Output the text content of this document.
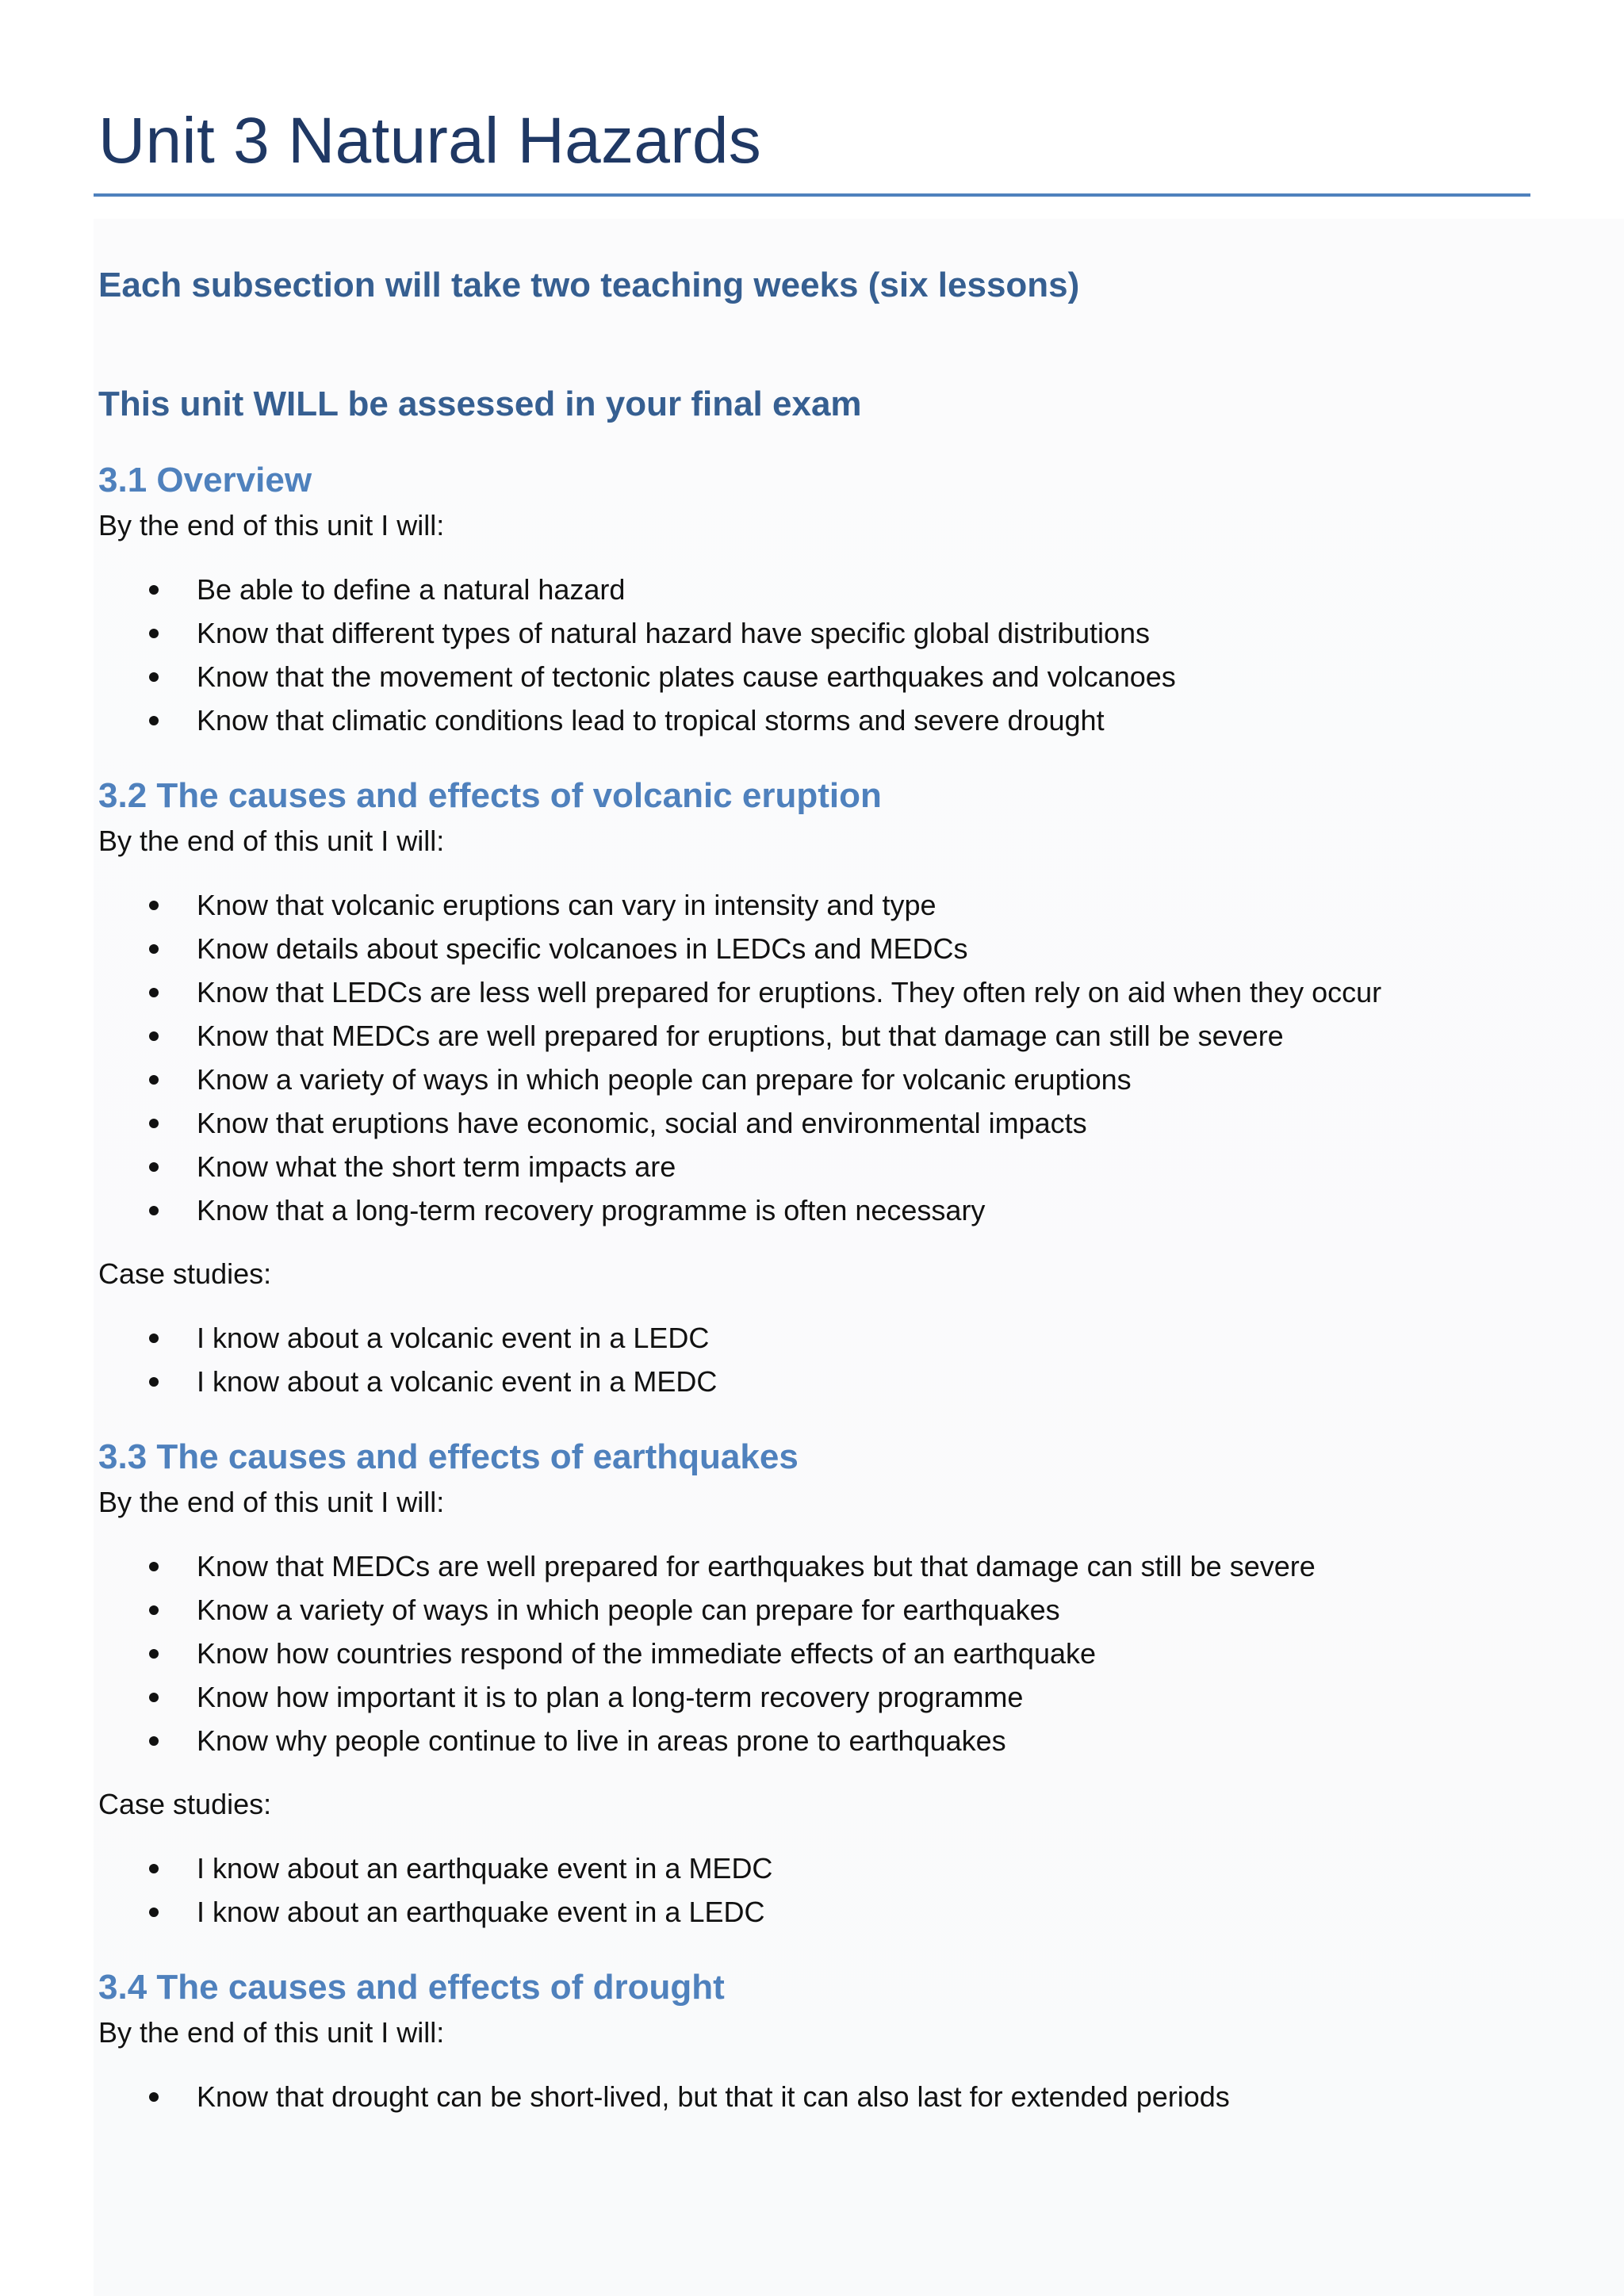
Unit 3 Natural Hazards

Each subsection will take two teaching weeks (six lessons)

This unit WILL be assessed in your final exam

3.1 Overview

By the end of this unit I will:

Be able to define a natural hazard
Know that different types of natural hazard have specific global distributions
Know that the movement of tectonic plates cause earthquakes and volcanoes
Know that climatic conditions lead to tropical storms and severe drought
3.2 The causes and effects of volcanic eruption

By the end of this unit I will:

Know that volcanic eruptions can vary in intensity and type
Know details about specific volcanoes in LEDCs and MEDCs
Know that LEDCs are less well prepared for eruptions. They often rely on aid when they occur
Know that MEDCs are well prepared for eruptions, but that damage can still be severe
Know a variety of ways in which people can prepare for volcanic eruptions
Know that eruptions have economic, social and environmental impacts
Know what the short term impacts are
Know that a long-term recovery programme is often necessary

Case studies:

I know about a volcanic event in a LEDC
I know about a volcanic event in a MEDC
3.3 The causes and effects of earthquakes

By the end of this unit I will:

Know that MEDCs are well prepared for earthquakes but that damage can still be severe
Know a variety of ways in which people can prepare for earthquakes
Know how countries respond of the immediate effects of an earthquake
Know how important it is to plan a long-term recovery programme
Know why people continue to live in areas prone to earthquakes

Case studies:

I know about an earthquake event in a MEDC
I know about an earthquake event in a LEDC
3.4 The causes and effects of drought

By the end of this unit I will:

Know that drought can be short-lived, but that it can also last for extended periods
